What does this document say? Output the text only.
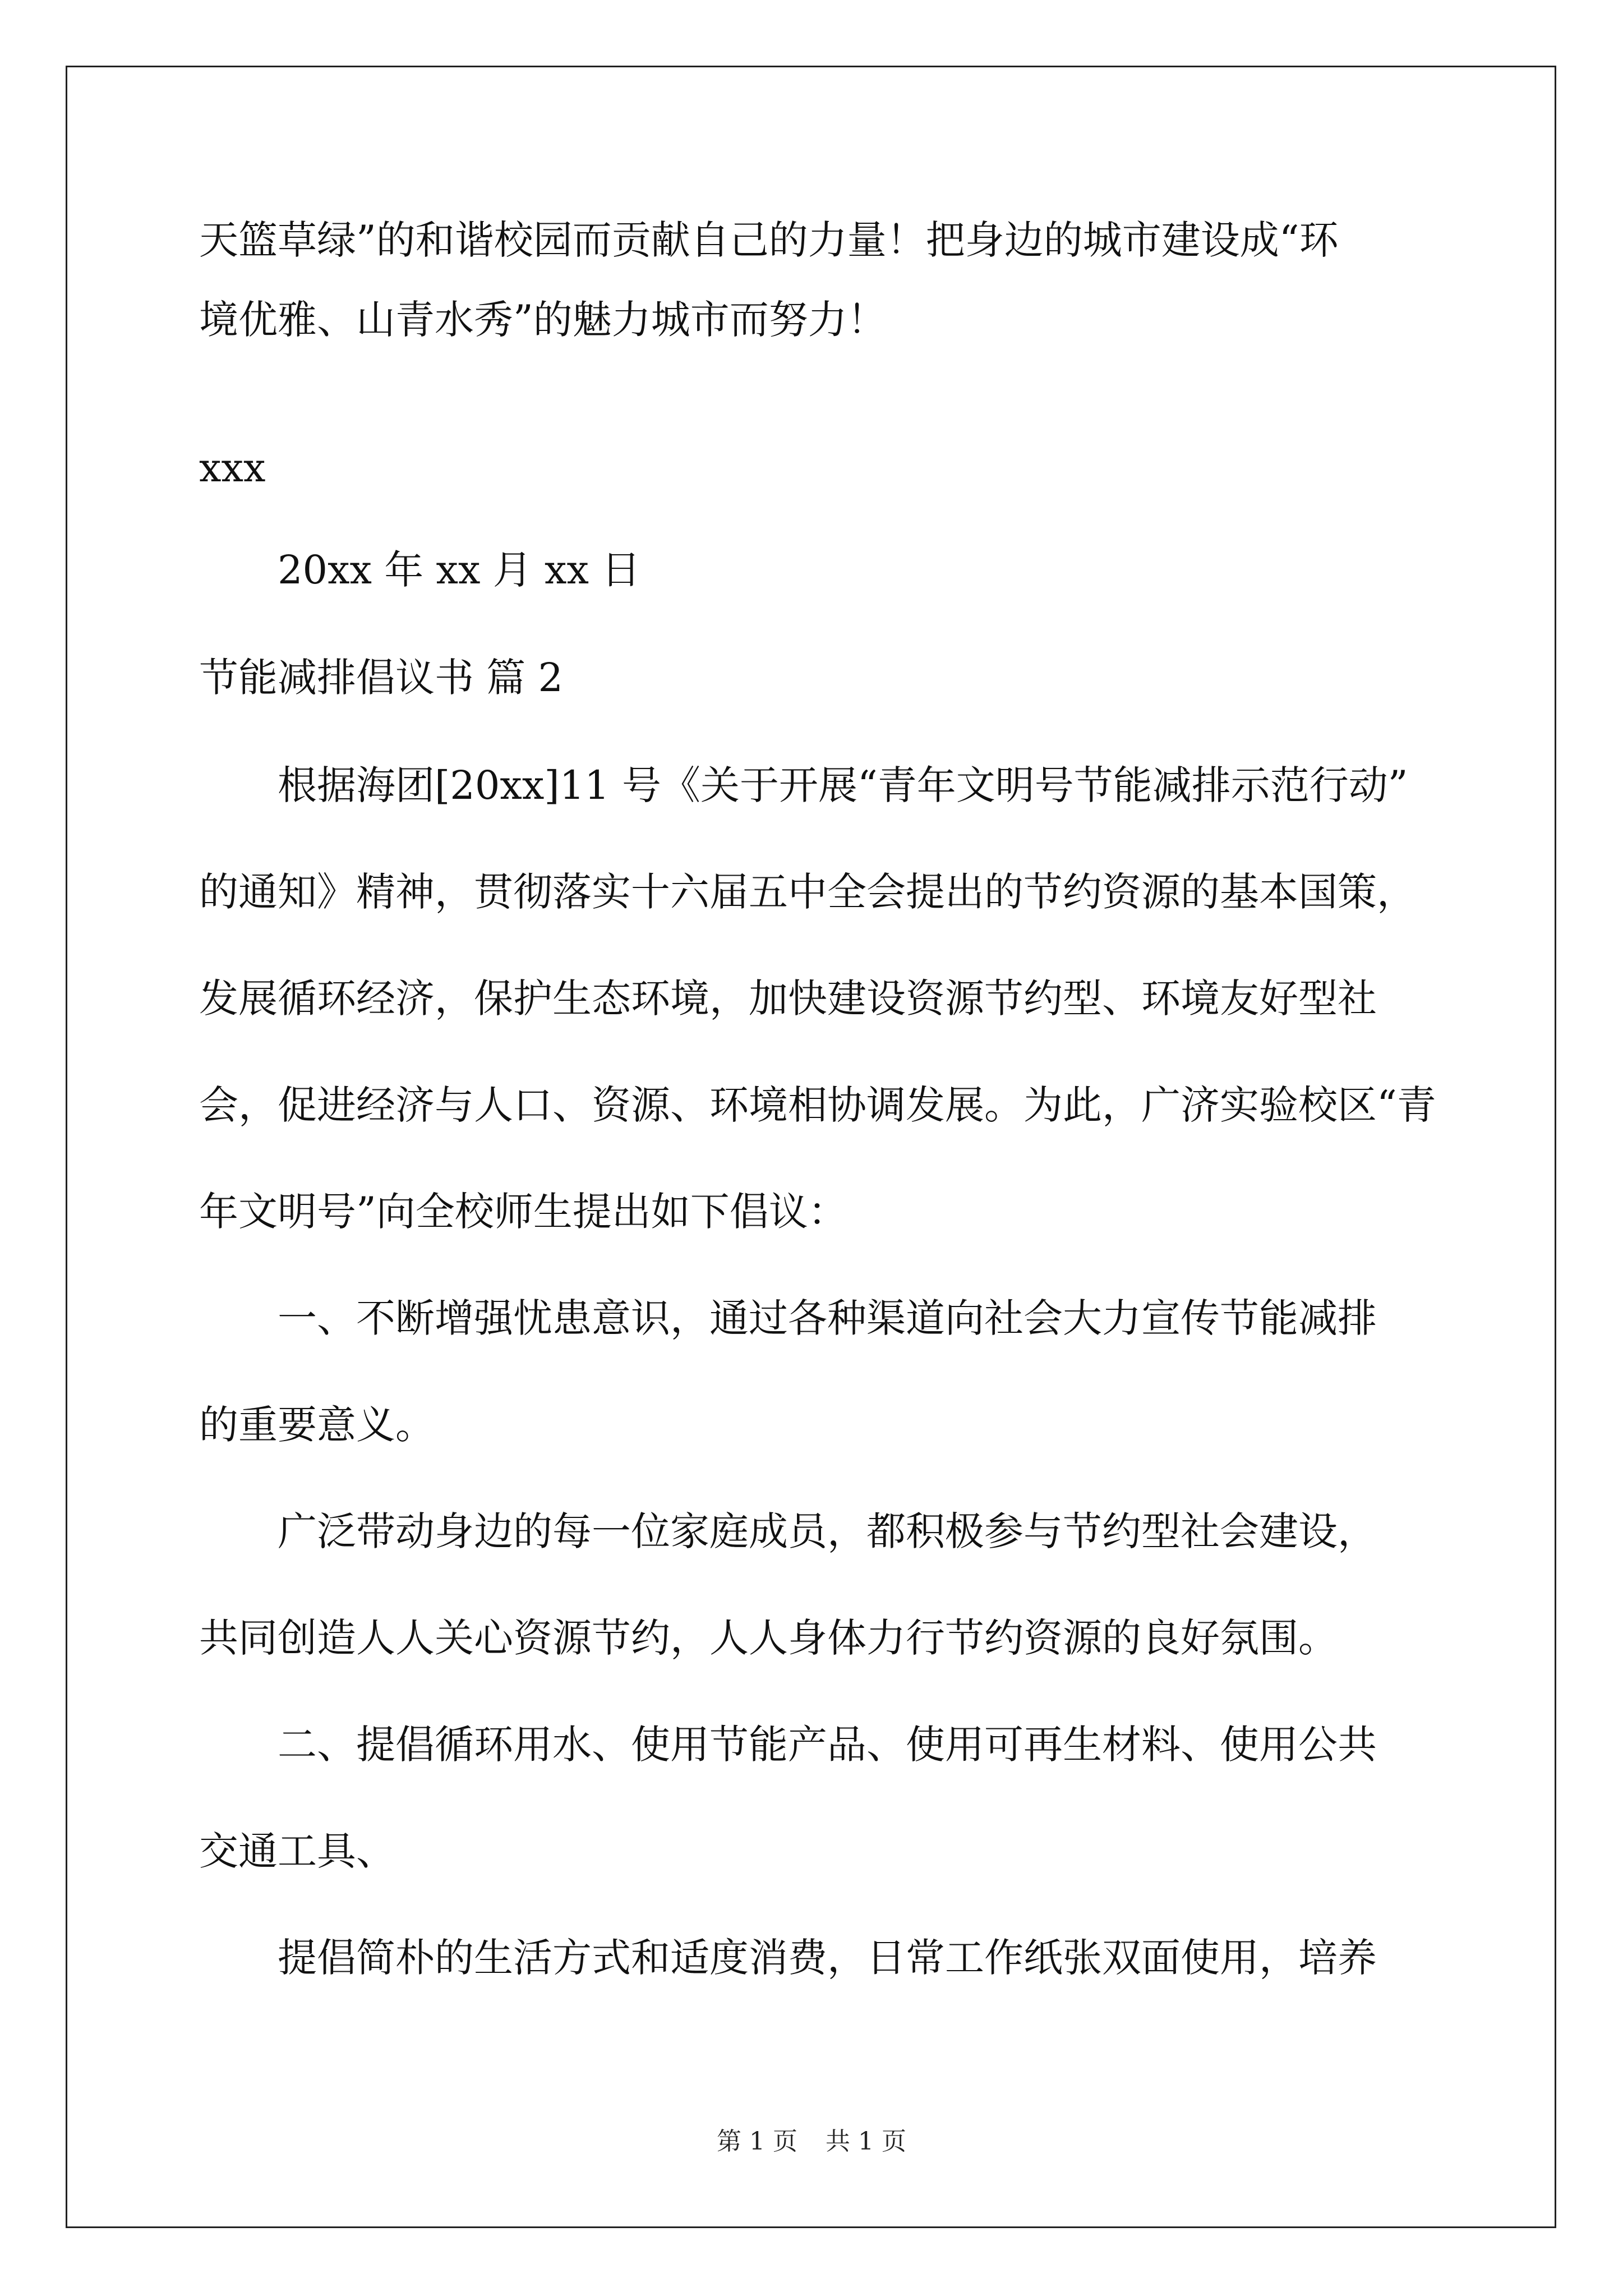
天篮草绿”的和谐校园而贡献自己的力量！把身边的城市建设成“环
境优雅、山青水秀”的魅力城市而努力！
xxx
　　20xx 年 xx 月 xx 日
节能减排倡议书 篇 2
　　根据海团[20xx]11 号《关于开展“青年文明号节能减排示范行动”
的通知》精神，贯彻落实十六届五中全会提出的节约资源的基本国策，
发展循环经济，保护生态环境，加快建设资源节约型、环境友好型社
会，促进经济与人口、资源、环境相协调发展。为此，广济实验校区“青
年文明号”向全校师生提出如下倡议：
　　一、不断增强忧患意识，通过各种渠道向社会大力宣传节能减排
的重要意义。
　　广泛带动身边的每一位家庭成员，都积极参与节约型社会建设，
共同创造人人关心资源节约，人人身体力行节约资源的良好氛围。
　　二、提倡循环用水、使用节能产品、使用可再生材料、使用公共
交通工具、
　　提倡简朴的生活方式和适度消费，日常工作纸张双面使用，培养
第 1 页 共 1 页
